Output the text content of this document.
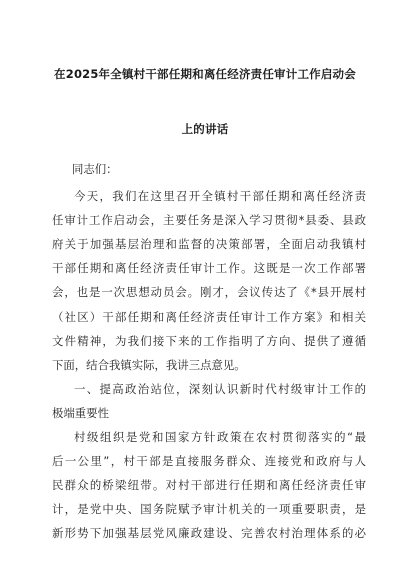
在2025年全镇村干部任期和离任经济责任审计工作启动会
上的讲话
同志们：
今天，我们在这里召开全镇村干部任期和离任经济责
任审计工作启动会，主要任务是深入学习贯彻*县委、县政
府关于加强基层治理和监督的决策部署，全面启动我镇村
干部任期和离任经济责任审计工作。这既是一次工作部署
会，也是一次思想动员会。刚才，会议传达了《*县开展村
（社区）干部任期和离任经济责任审计工作方案》和相关
文件精神，为我们接下来的工作指明了方向、提供了遵循
下面，结合我镇实际，我讲三点意见。
一、提高政治站位，深刻认识新时代村级审计工作的
极端重要性
村级组织是党和国家方针政策在农村贯彻落实的“最
后一公里”，村干部是直接服务群众、连接党和政府与人
民群众的桥梁纽带。对村干部进行任期和离任经济责任审
计，是党中央、国务院赋予审计机关的一项重要职责，是
新形势下加强基层党风廉政建设、完善农村治理体系的必
